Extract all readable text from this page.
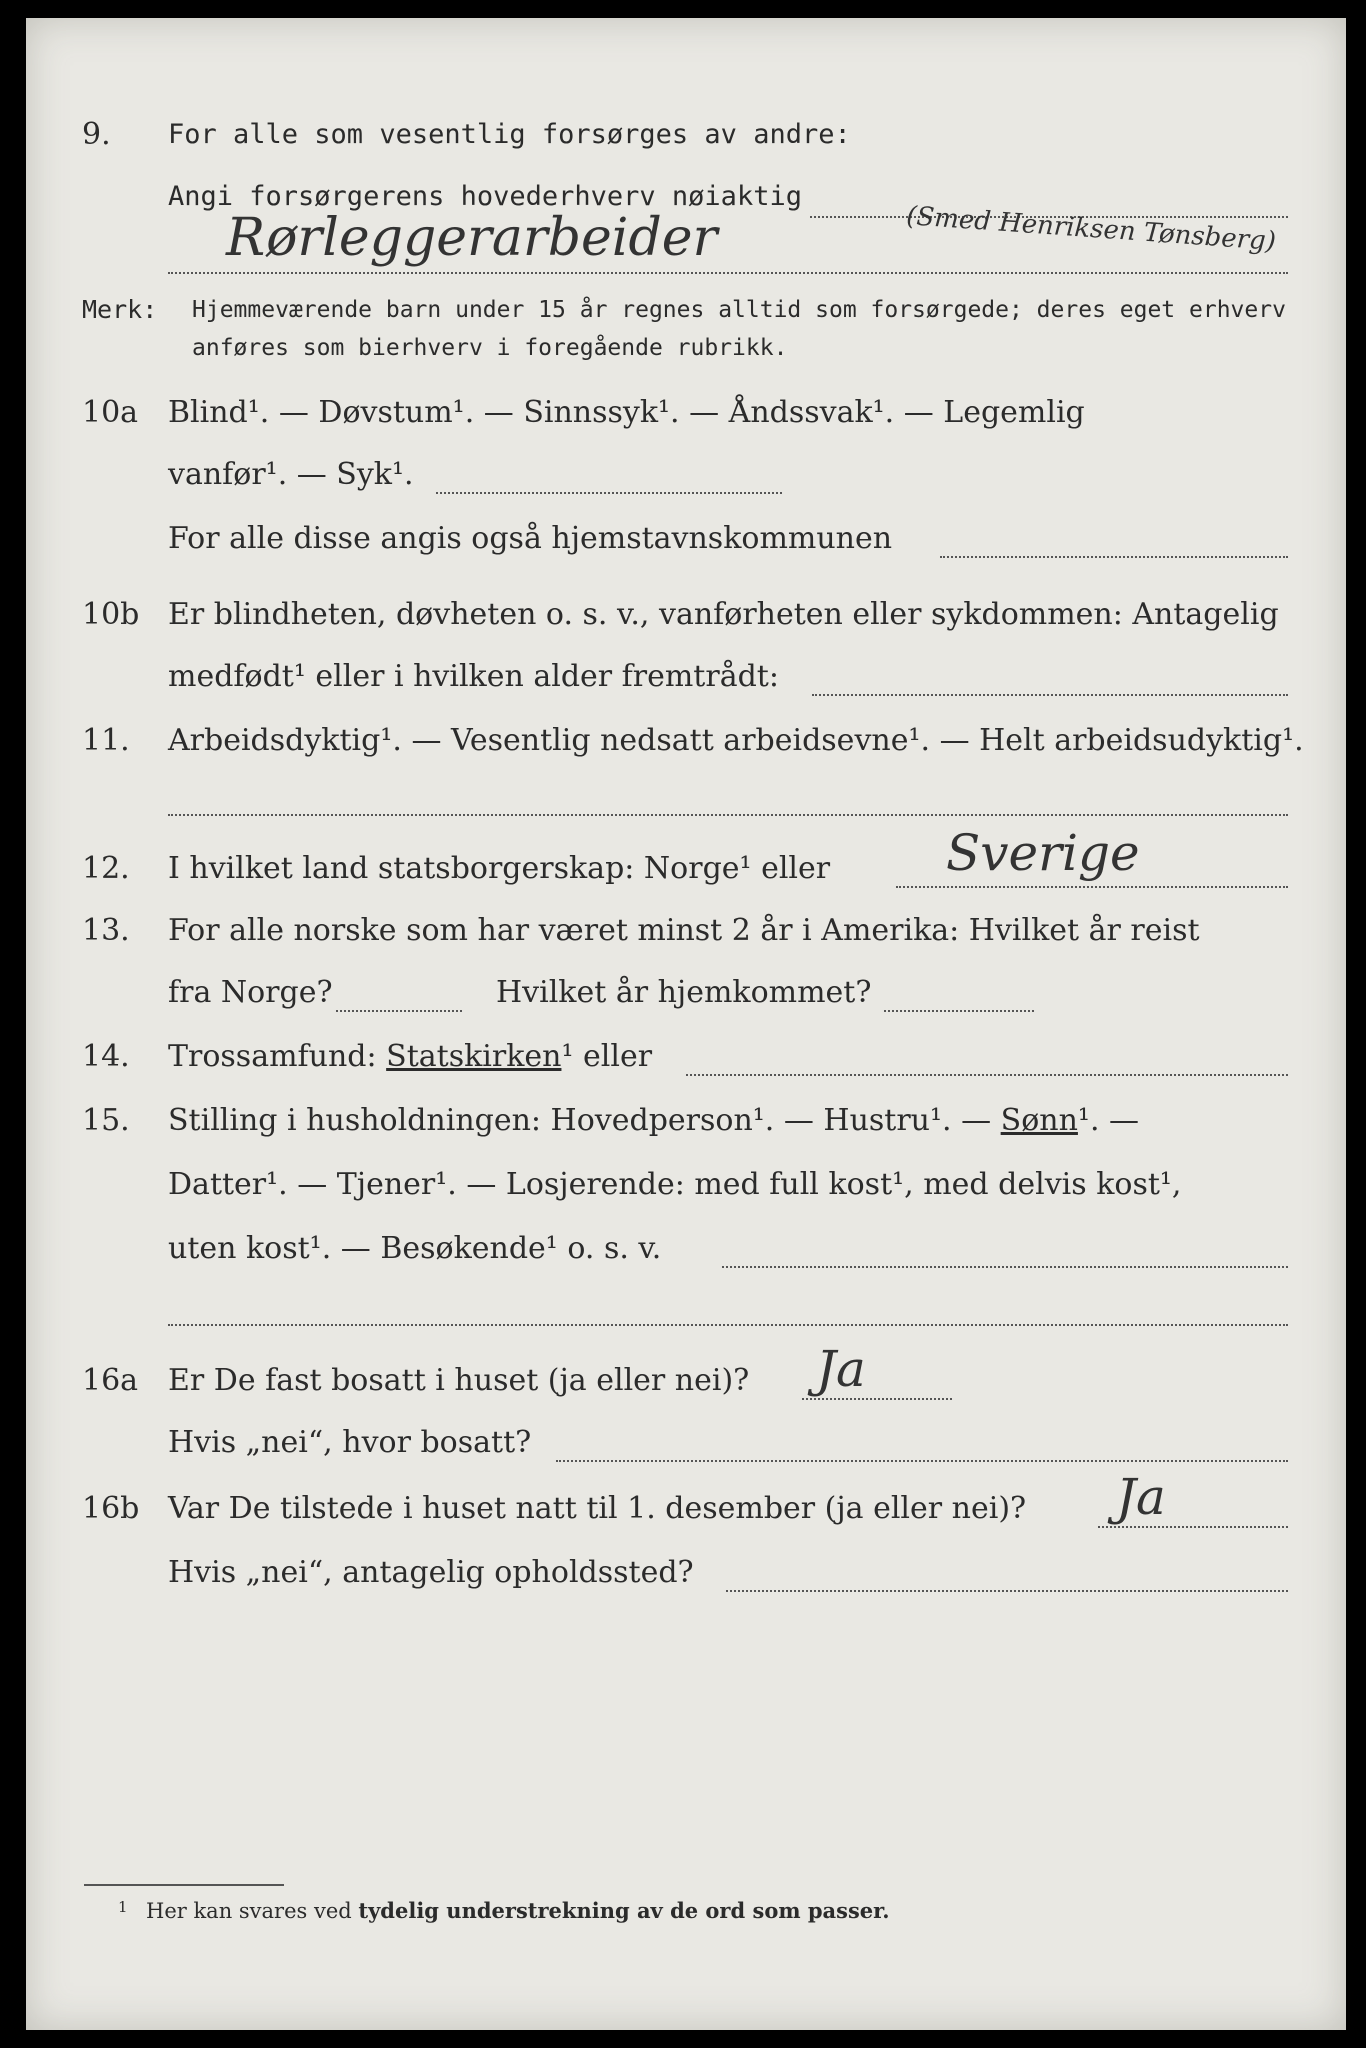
9. For alle som vesentlig forsørges av andre:
Angi forsørgerens hovederhverv nøiaktig
Rørleggerarbeider	(Smed Henriksen Tønsberg)
Merk: Hjemmeværende barn under 15 år regnes alltid som forsørgede; deres eget erhverv
anføres som bierhverv i foregående rubrikk.
10a Blind¹. — Døvstum¹. — Sinnssyk¹. — Åndssvak¹. — Legemlig
vanfør¹. — Syk¹.
For alle disse angis også hjemstavnskommunen
10b Er blindheten, døvheten o. s. v., vanførheten eller sykdommen: Antagelig
medfødt¹ eller i hvilken alder fremtrådt:
11. Arbeidsdyktig¹. — Vesentlig nedsatt arbeidsevne¹. — Helt arbeidsudyktig¹.
12. I hvilket land statsborgerskap: Norge¹ eller Sverige
13. For alle norske som har været minst 2 år i Amerika: Hvilket år reist
fra Norge?	Hvilket år hjemkommet?
14. Trossamfund: Statskirken¹ eller
15. Stilling i husholdningen: Hovedperson¹. — Hustru¹. — Sønn¹. —
Datter¹. — Tjener¹. — Losjerende: med full kost¹, med delvis kost¹,
uten kost¹. — Besøkende¹ o. s. v.
16a Er De fast bosatt i huset (ja eller nei)? Ja
Hvis „nei“, hvor bosatt?
16b Var De tilstede i huset natt til 1. desember (ja eller nei)? Ja
Hvis „nei“, antagelig opholdssted?
1 Her kan svares ved tydelig understrekning av de ord som passer.
